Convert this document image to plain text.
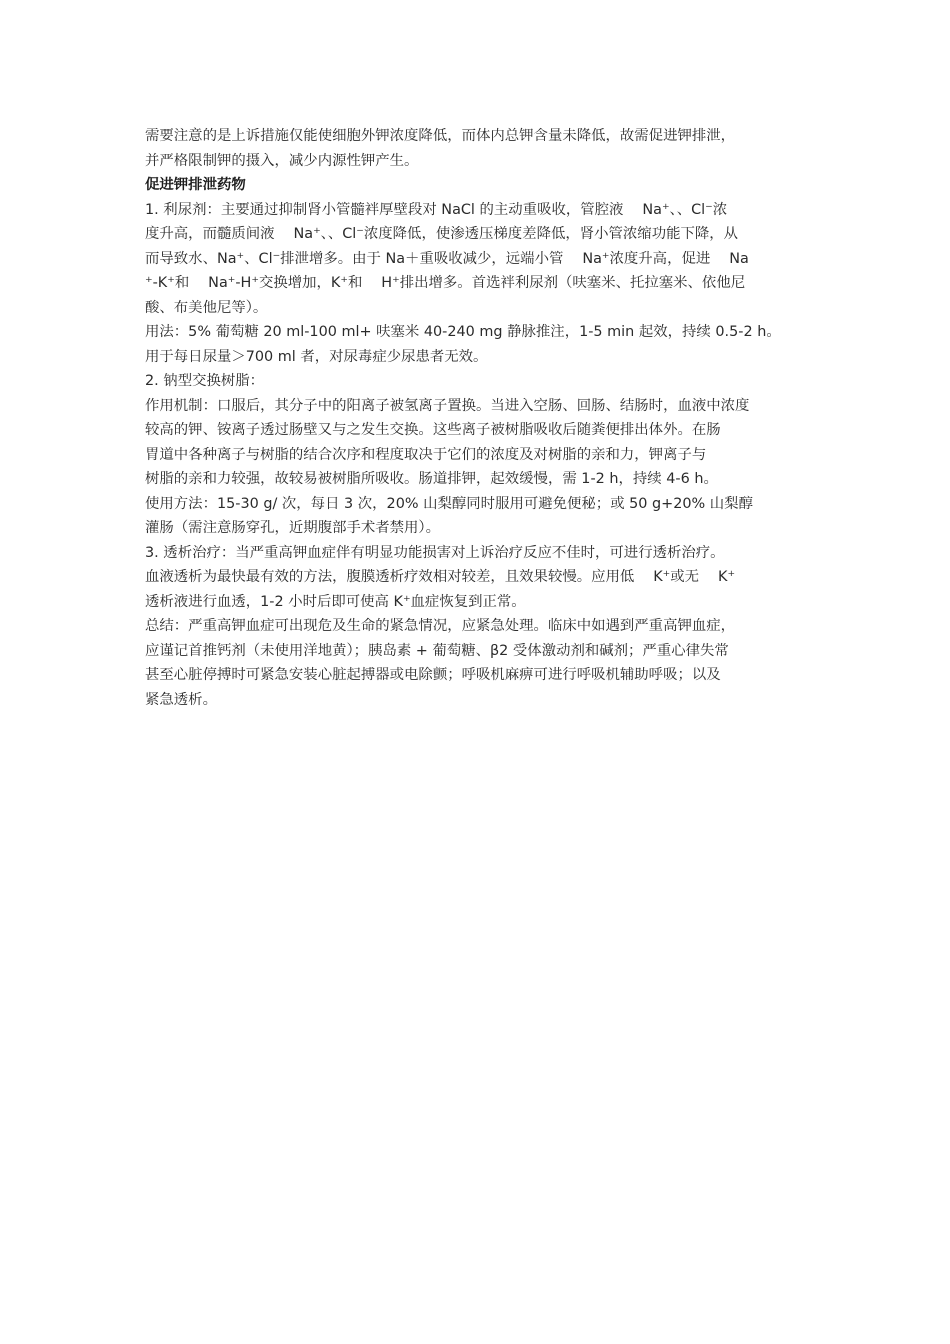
需要注意的是上诉措施仅能使细胞外钾浓度降低，而体内总钾含量未降低，故需促进钾排泄，
并严格限制钾的摄入，减少内源性钾产生。

促进钾排泄药物

1. 利尿剂：主要通过抑制肾小管髓袢厚壁段对 NaCl 的主动重吸收，管腔液 　Na⁺、、Cl⁻浓
度升高，而髓质间液 　Na⁺、、Cl⁻浓度降低，使渗透压梯度差降低，肾小管浓缩功能下降，从
而导致水、Na⁺、Cl⁻排泄增多。由于 Na＋重吸收减少，远端小管 　Na⁺浓度升高，促进 　Na
⁺-K⁺和 　Na⁺-H⁺交换增加，K⁺和 　H⁺排出增多。首选袢利尿剂（呋塞米、托拉塞米、依他尼
酸、布美他尼等）。

用法：5% 葡萄糖 20 ml-100 ml+ 呋塞米 40-240 mg 静脉推注，1-5 min 起效，持续 0.5-2 h。
用于每日尿量＞700 ml 者，对尿毒症少尿患者无效。

2. 钠型交换树脂：

作用机制：口服后，其分子中的阳离子被氢离子置换。当进入空肠、回肠、结肠时，血液中浓度
较高的钾、铵离子透过肠壁又与之发生交换。这些离子被树脂吸收后随粪便排出体外。在肠
胃道中各种离子与树脂的结合次序和程度取决于它们的浓度及对树脂的亲和力，钾离子与
树脂的亲和力较强，故较易被树脂所吸收。肠道排钾，起效缓慢，需 1-2 h，持续 4-6 h。

使用方法：15-30 g/ 次，每日 3 次，20% 山梨醇同时服用可避免便秘；或 50 g+20% 山梨醇
灌肠（需注意肠穿孔，近期腹部手术者禁用）。

3. 透析治疗：当严重高钾血症伴有明显功能损害对上诉治疗反应不佳时，可进行透析治疗。
血液透析为最快最有效的方法，腹膜透析疗效相对较差，且效果较慢。应用低 　K⁺或无 　K⁺
透析液进行血透，1-2 小时后即可使高 K⁺血症恢复到正常。

总结：严重高钾血症可出现危及生命的紧急情况，应紧急处理。临床中如遇到严重高钾血症，
应谨记首推钙剂（未使用洋地黄）；胰岛素 + 葡萄糖、β2 受体激动剂和碱剂；严重心律失常
甚至心脏停搏时可紧急安装心脏起搏器或电除颤；呼吸机麻痹可进行呼吸机辅助呼吸；以及
紧急透析。
